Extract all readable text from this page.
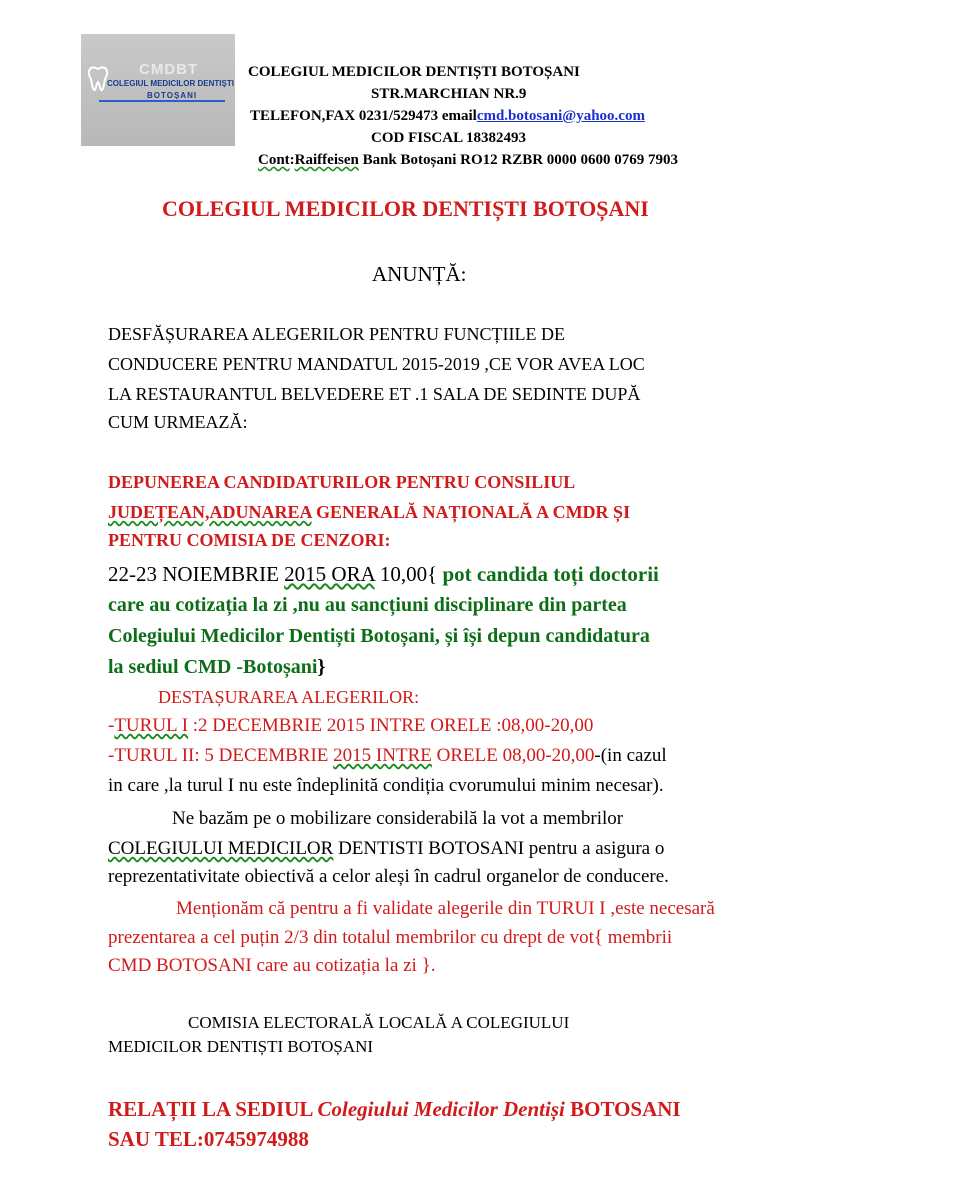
CMDBT
COLEGIUL MEDICILOR DENTIȘTI
BOTOȘANI
COLEGIUL MEDICILOR DENTIȘTI BOTOȘANI
STR.MARCHIAN NR.9
TELEFON,FAX 0231/529473 emailcmd.botosani@yahoo.com
COD FISCAL 18382493
Cont:Raiffeisen Bank Botoșani RO12 RZBR 0000 0600 0769 7903
COLEGIUL MEDICILOR DENTIȘTI BOTOȘANI
ANUNȚĂ:
DESFĂȘURAREA ALEGERILOR PENTRU FUNCȚIILE DE
CONDUCERE PENTRU MANDATUL 2015-2019 ,CE VOR AVEA LOC
LA RESTAURANTUL BELVEDERE ET .1 SALA DE SEDINTE DUPĂ
CUM URMEAZĂ:
DEPUNEREA CANDIDATURILOR PENTRU CONSILIUL
JUDEȚEAN,ADUNAREA GENERALĂ NAȚIONALĂ A CMDR ȘI
PENTRU COMISIA DE CENZORI:
22-23 NOIEMBRIE 2015 ORA 10,00{ pot candida toți doctorii
care au cotizația la zi ,nu au sancțiuni disciplinare din partea
Colegiului Medicilor Dentiști Botoșani, și își depun candidatura
la sediul CMD -Botoșani}
DESTAȘURAREA ALEGERILOR:
-TURUL I :2 DECEMBRIE 2015 INTRE ORELE :08,00-20,00
-TURUL II: 5 DECEMBRIE 2015 INTRE ORELE 08,00-20,00-(in cazul
in care ,la turul I nu este îndeplinită condiția cvorumului minim necesar).
Ne bazăm pe o mobilizare considerabilă la vot a membrilor
COLEGIULUI MEDICILOR DENTISTI BOTOSANI pentru a asigura o
reprezentativitate obiectivă a celor aleși în cadrul organelor de conducere.
Menționăm că pentru a fi validate alegerile din TURUI I ,este necesară
prezentarea a cel puțin 2/3 din totalul membrilor cu drept de vot{ membrii
CMD BOTOSANI care au cotizația la zi }.
COMISIA ELECTORALĂ LOCALĂ A COLEGIULUI
MEDICILOR DENTIȘTI BOTOȘANI
RELAȚII LA SEDIUL Colegiului Medicilor Dentiși BOTOSANI
SAU TEL:0745974988
